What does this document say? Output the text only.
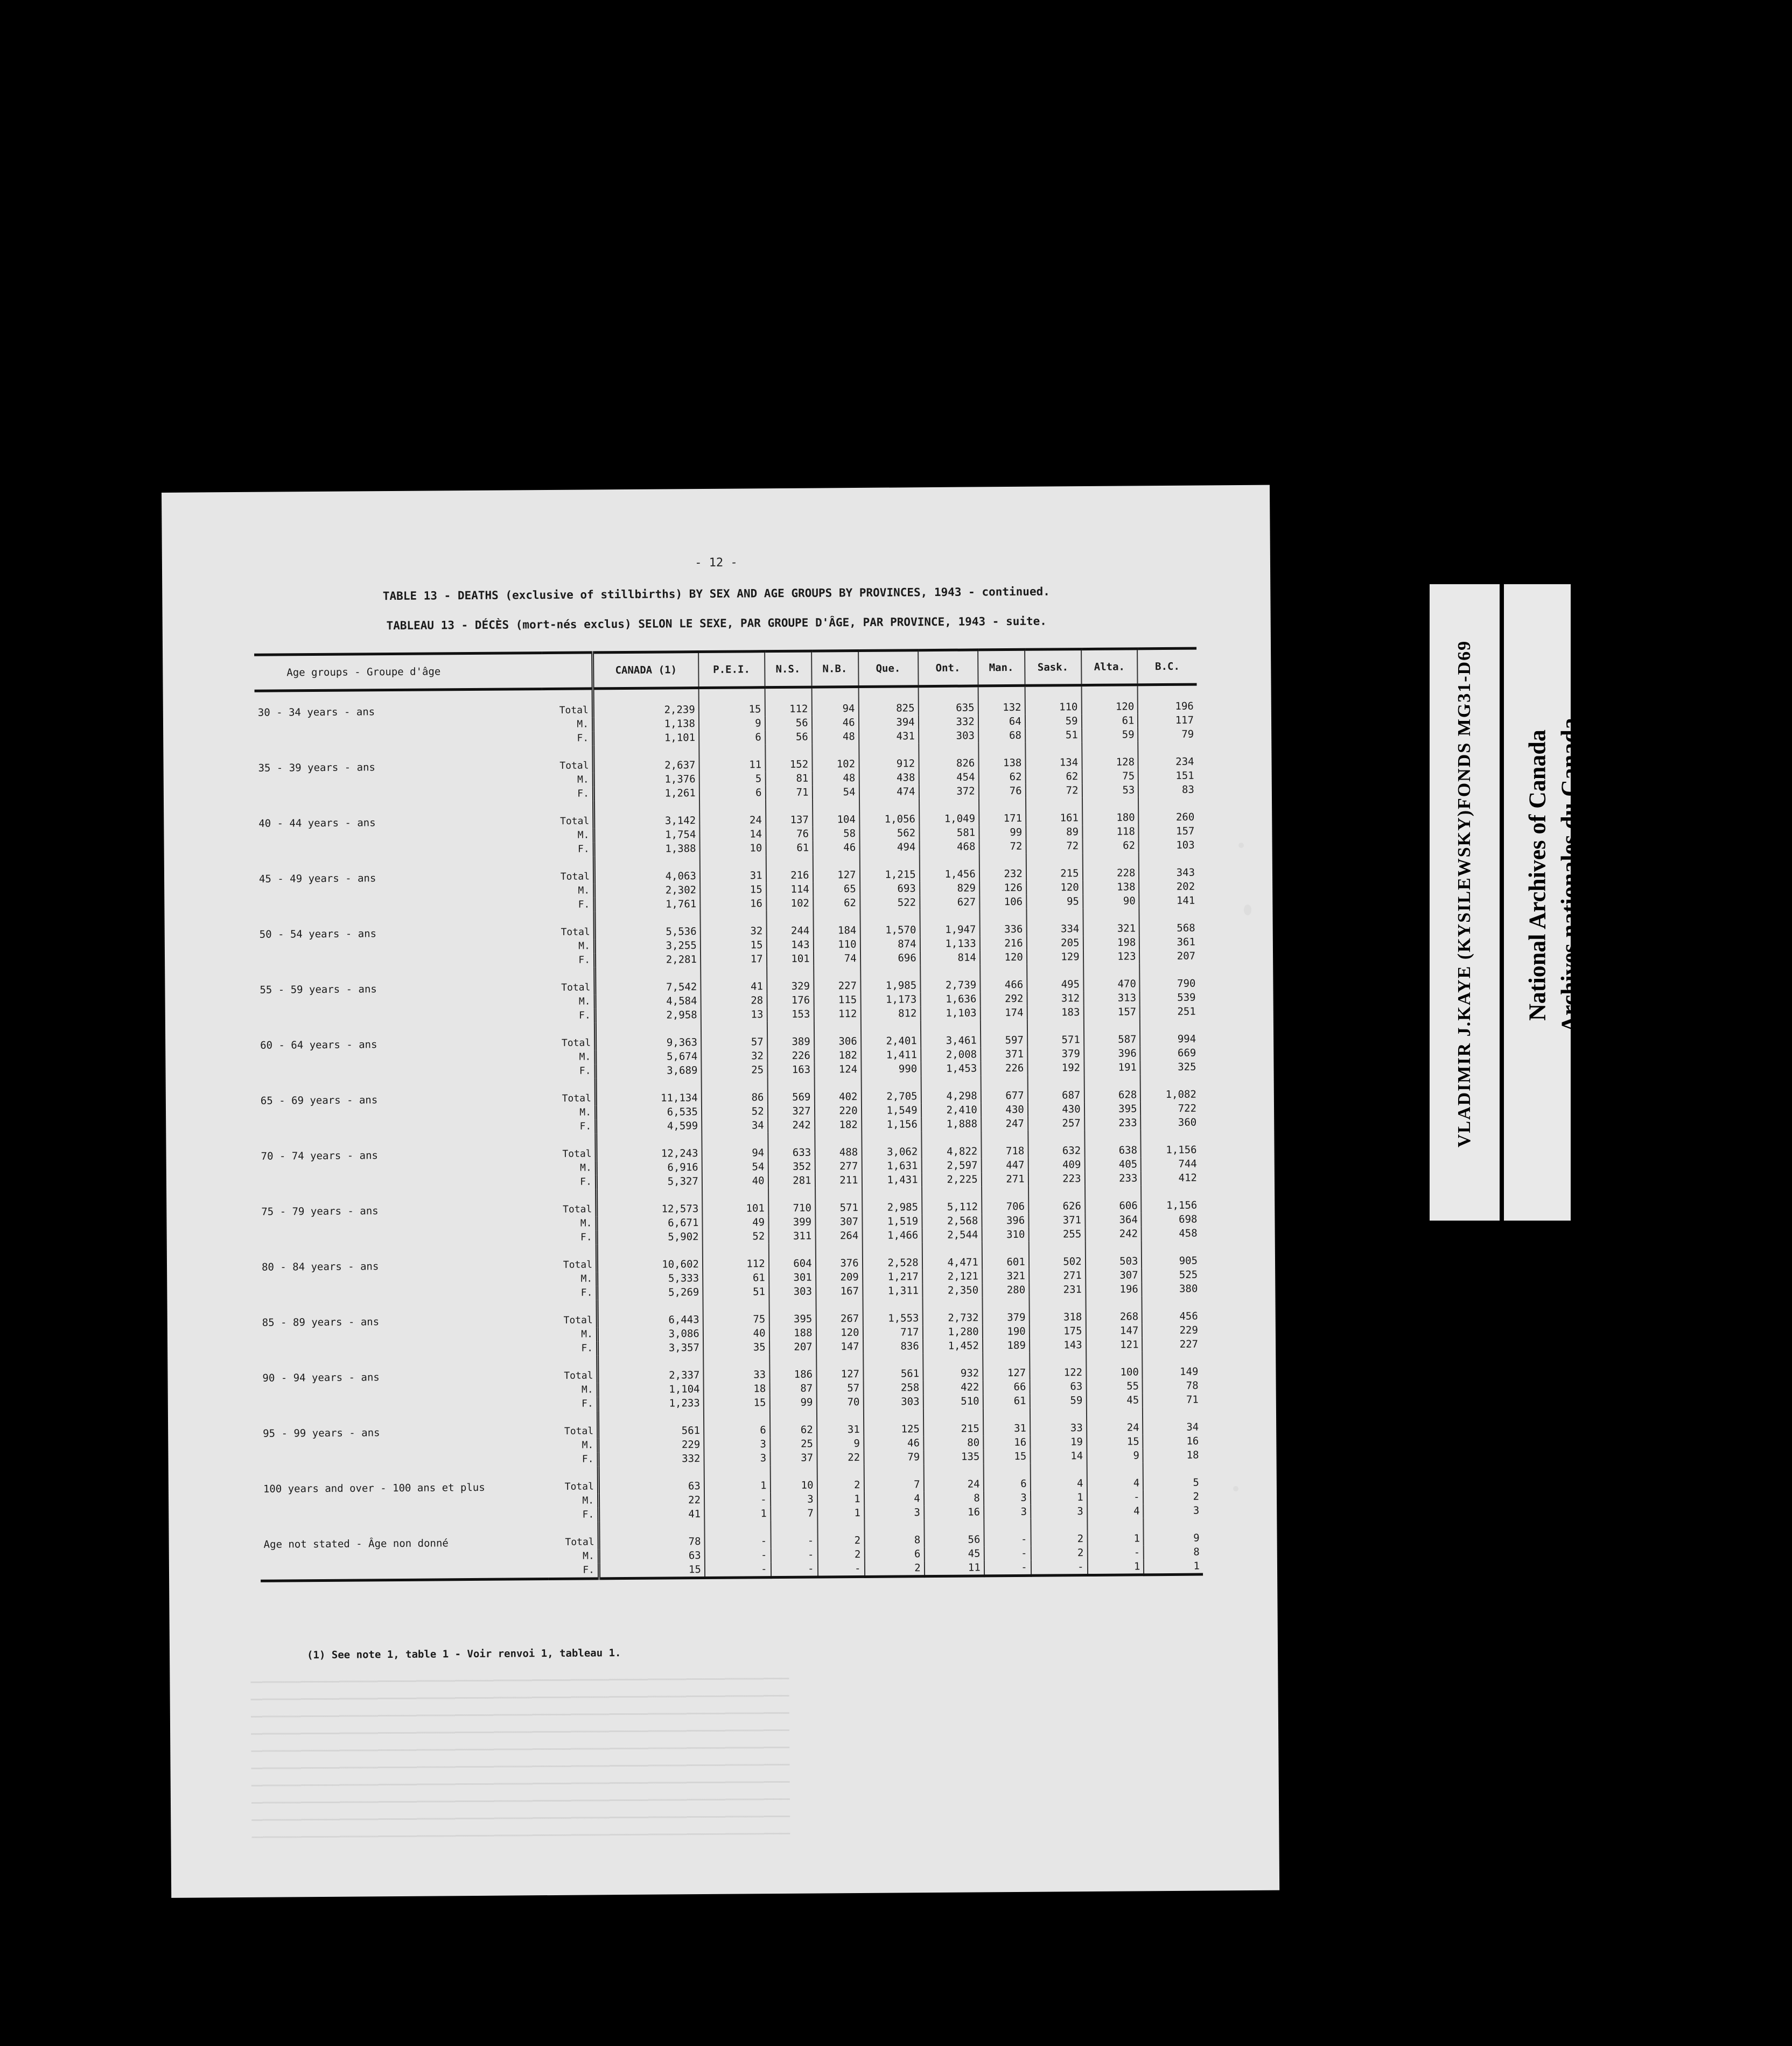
- 12 -
TABLE 13 - DEATHS (exclusive of stillbirths) BY SEX AND AGE GROUPS BY PROVINCES, 1943 - continued.
TABLEAU 13 - DÉCÈS (mort-nés exclus) SELON LE SEXE, PAR GROUPE D'ÂGE, PAR PROVINCE, 1943 - suite.
Age groups - Groupe d'âge		CANADA (1)	P.E.I.	N.S.	N.B.	Que.	Ont.	Man.	Sask.	Alta.	B.C.
30 - 34 years - ans	Total	2,239	15	112	94	825	635	132	110	120	196
	M.	1,138	9	56	46	394	332	64	59	61	117
	F.	1,101	6	56	48	431	303	68	51	59	79
35 - 39 years - ans	Total	2,637	11	152	102	912	826	138	134	128	234
	M.	1,376	5	81	48	438	454	62	62	75	151
	F.	1,261	6	71	54	474	372	76	72	53	83
40 - 44 years - ans	Total	3,142	24	137	104	1,056	1,049	171	161	180	260
	M.	1,754	14	76	58	562	581	99	89	118	157
	F.	1,388	10	61	46	494	468	72	72	62	103
45 - 49 years - ans	Total	4,063	31	216	127	1,215	1,456	232	215	228	343
	M.	2,302	15	114	65	693	829	126	120	138	202
	F.	1,761	16	102	62	522	627	106	95	90	141
50 - 54 years - ans	Total	5,536	32	244	184	1,570	1,947	336	334	321	568
	M.	3,255	15	143	110	874	1,133	216	205	198	361
	F.	2,281	17	101	74	696	814	120	129	123	207
55 - 59 years - ans	Total	7,542	41	329	227	1,985	2,739	466	495	470	790
	M.	4,584	28	176	115	1,173	1,636	292	312	313	539
	F.	2,958	13	153	112	812	1,103	174	183	157	251
60 - 64 years - ans	Total	9,363	57	389	306	2,401	3,461	597	571	587	994
	M.	5,674	32	226	182	1,411	2,008	371	379	396	669
	F.	3,689	25	163	124	990	1,453	226	192	191	325
65 - 69 years - ans	Total	11,134	86	569	402	2,705	4,298	677	687	628	1,082
	M.	6,535	52	327	220	1,549	2,410	430	430	395	722
	F.	4,599	34	242	182	1,156	1,888	247	257	233	360
70 - 74 years - ans	Total	12,243	94	633	488	3,062	4,822	718	632	638	1,156
	M.	6,916	54	352	277	1,631	2,597	447	409	405	744
	F.	5,327	40	281	211	1,431	2,225	271	223	233	412
75 - 79 years - ans	Total	12,573	101	710	571	2,985	5,112	706	626	606	1,156
	M.	6,671	49	399	307	1,519	2,568	396	371	364	698
	F.	5,902	52	311	264	1,466	2,544	310	255	242	458
80 - 84 years - ans	Total	10,602	112	604	376	2,528	4,471	601	502	503	905
	M.	5,333	61	301	209	1,217	2,121	321	271	307	525
	F.	5,269	51	303	167	1,311	2,350	280	231	196	380
85 - 89 years - ans	Total	6,443	75	395	267	1,553	2,732	379	318	268	456
	M.	3,086	40	188	120	717	1,280	190	175	147	229
	F.	3,357	35	207	147	836	1,452	189	143	121	227
90 - 94 years - ans	Total	2,337	33	186	127	561	932	127	122	100	149
	M.	1,104	18	87	57	258	422	66	63	55	78
	F.	1,233	15	99	70	303	510	61	59	45	71
95 - 99 years - ans	Total	561	6	62	31	125	215	31	33	24	34
	M.	229	3	25	9	46	80	16	19	15	16
	F.	332	3	37	22	79	135	15	14	9	18
100 years and over - 100 ans et plus	Total	63	1	10	2	7	24	6	4	4	5
	M.	22	-	3	1	4	8	3	1	-	2
	F.	41	1	7	1	3	16	3	3	4	3
Age not stated - Âge non donné	Total	78	-	-	2	8	56	-	2	1	9
	M.	63	-	-	2	6	45	-	2	-	8
	F.	15	-	-	-	2	11	-	-	1	1

(1) See note 1, table 1 - Voir renvoi 1, tableau 1.
VLADIMIR J.KAYE (KYSILEWSKY)FONDS MG31-D69 National Archives of Canada Archives nationales du Canada
